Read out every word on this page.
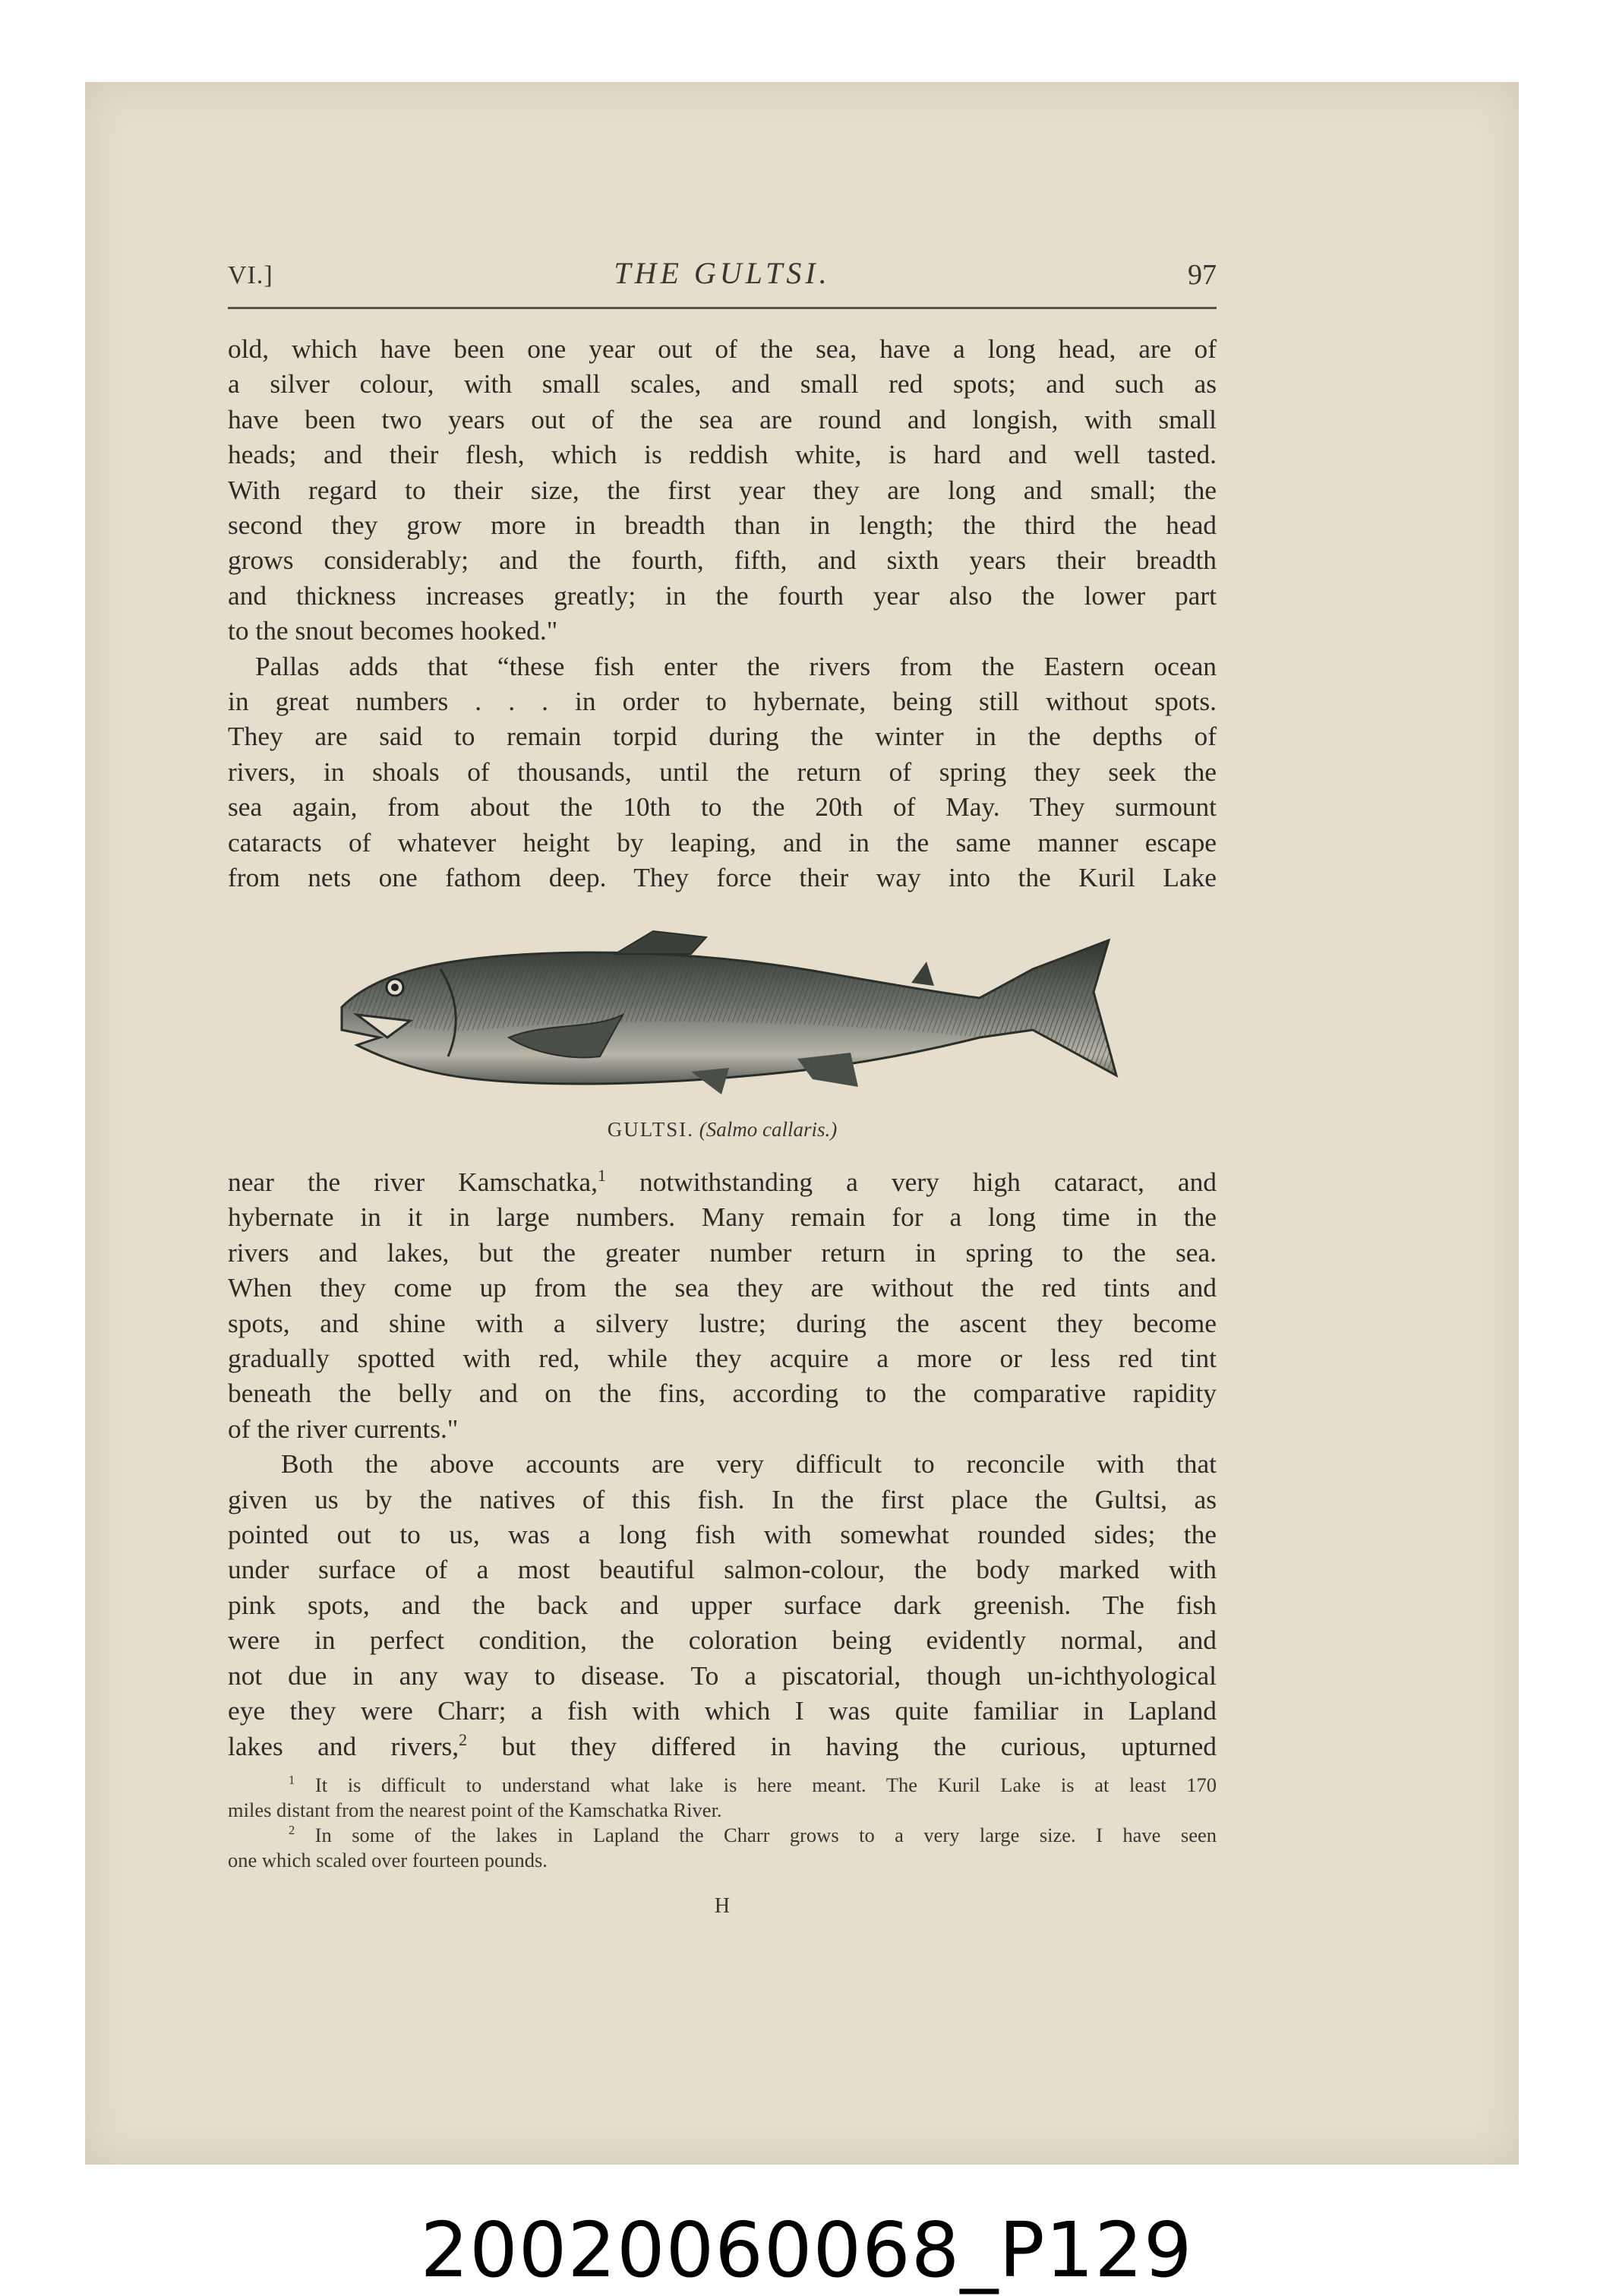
VI.]	THE GULTSI.	97

old, which have been one year out of the sea, have a long head, are of

a silver colour, with small scales, and small red spots; and such as

have been two years out of the sea are round and longish, with small

heads; and their flesh, which is reddish white, is hard and well tasted.

With regard to their size, the first year they are long and small; the

second they grow more in breadth than in length; the third the head

grows considerably; and the fourth, fifth, and sixth years their breadth

and thickness increases greatly; in the fourth year also the lower part

to the snout becomes hooked."

Pallas adds that “these fish enter the rivers from the Eastern ocean

in great numbers . . . in order to hybernate, being still without spots.

They are said to remain torpid during the winter in the depths of

rivers, in shoals of thousands, until the return of spring they seek the

sea again, from about the 10th to the 20th of May. They surmount

cataracts of whatever height by leaping, and in the same manner escape

from nets one fathom deep. They force their way into the Kuril Lake

GULTSI. (Salmo callaris.)

near the river Kamschatka,$^1$ notwithstanding a very high cataract, and

hybernate in it in large numbers. Many remain for a long time in the

rivers and lakes, but the greater number return in spring to the sea.

When they come up from the sea they are without the red tints and

spots, and shine with a silvery lustre; during the ascent they become

gradually spotted with red, while they acquire a more or less red tint

beneath the belly and on the fins, according to the comparative rapidity

of the river currents."

Both the above accounts are very difficult to reconcile with that

given us by the natives of this fish. In the first place the Gultsi, as

pointed out to us, was a long fish with somewhat rounded sides; the

under surface of a most beautiful salmon-colour, the body marked with

pink spots, and the back and upper surface dark greenish. The fish

were in perfect condition, the coloration being evidently normal, and

not due in any way to disease. To a piscatorial, though un-ichthyological

eye they were Charr; a fish with which I was quite familiar in Lapland

lakes and rivers,$^2$ but they differed in having the curious, upturned

$^1$ It is difficult to understand what lake is here meant. The Kuril Lake is at least 170

miles distant from the nearest point of the Kamschatka River.

$^2$ In some of the lakes in Lapland the Charr grows to a very large size. I have seen

one which scaled over fourteen pounds.

H
20020060068_P129
